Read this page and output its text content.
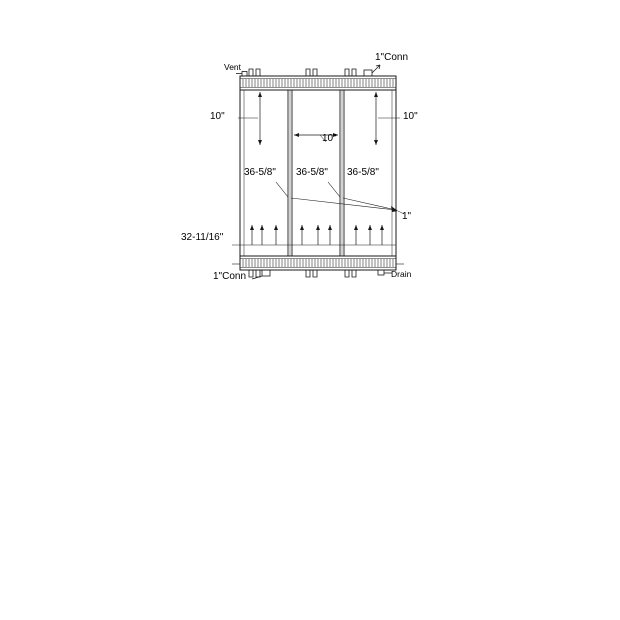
Vent
1"Conn
10"	10"
10"
36-5/8" 36-5/8" 36-5/8"
1"
32-11/16"
1"Conn	Drain
